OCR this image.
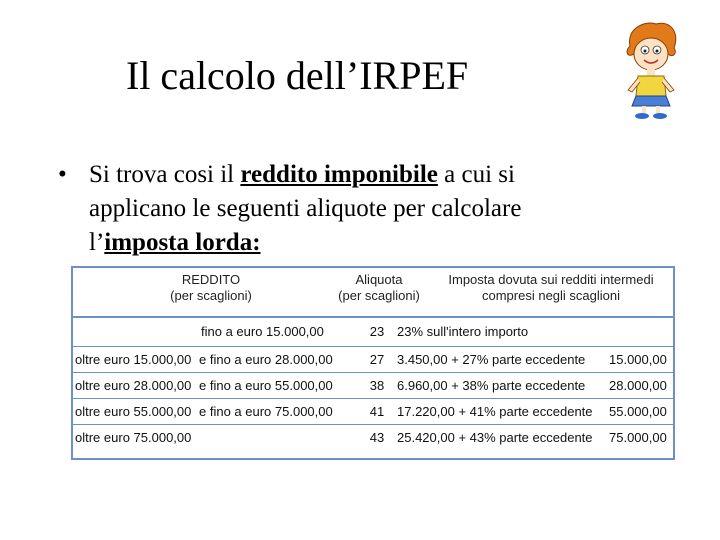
Il calcolo dell’IRPEF
• Si trova cosi il reddito imponibile a cui si applicano le seguenti aliquote per calcolare l’imposta lorda:
REDDITO
(per scaglioni)
Aliquota
(per scaglioni)
Imposta dovuta sui redditi intermedi
compresi negli scaglioni
fino a euro 15.000,00	23 23% sull'intero importo
oltre euro 15.000,00 e fino a euro 28.000,00	27 3.450,00 + 27% parte eccedente 15.000,00
oltre euro 28.000,00 e fino a euro 55.000,00	38 6.960,00 + 38% parte eccedente 28.000,00
oltre euro 55.000,00 e fino a euro 75.000,00	41 17.220,00 + 41% parte eccedente 55.000,00
oltre euro 75.000,00	43 25.420,00 + 43% parte eccedente 75.000,00
